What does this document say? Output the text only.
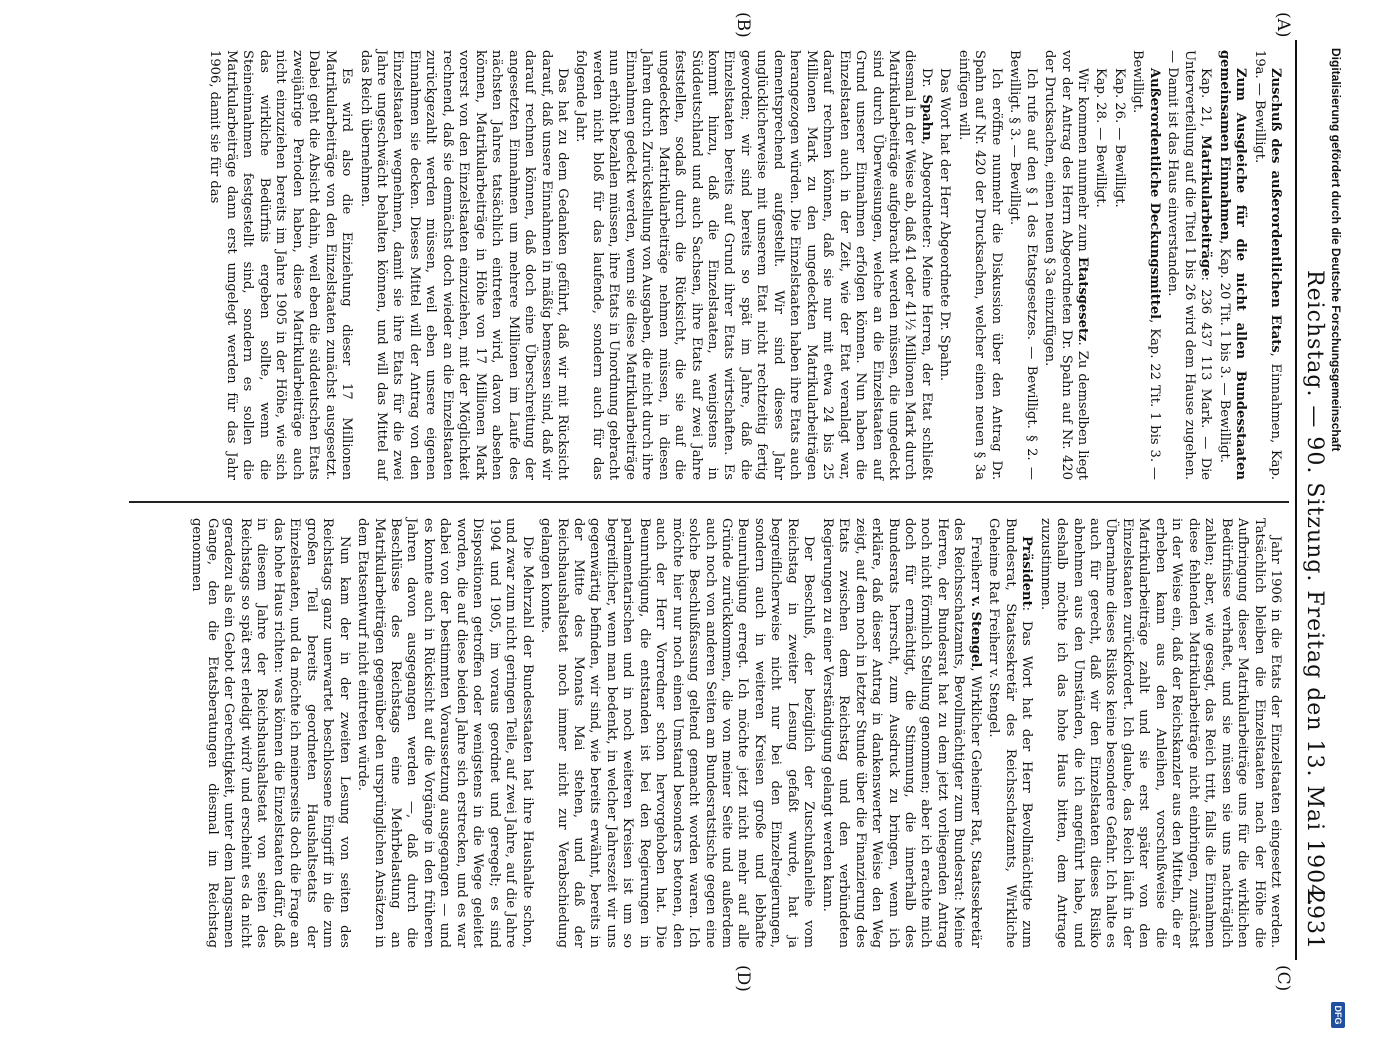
Digitalisierung gefördert durch die Deutsche Forschungsgemeinschaft
DFG
Reichstag. — 90. Sitzung. Freitag den 13. Mai 1904.
2931
(A)
(B)
(C)
(D)

Zuschuß des außerordentlichen Etats, Einnahmen, Kap. 19a. — Bewilligt.

Zum Ausgleiche für die nicht allen Bundesstaaten gemeinsamen Einnahmen, Kap. 20 Tit. 1 bis 3. — Bewilligt.

Kap. 21, Matrikularbeiträge: 236 437 113 Mark. — Die Unterverteilung auf die Titel 1 bis 26 wird dem Hause zugehen. — Damit ist das Haus einverstanden.

Außerordentliche Deckungsmittel, Kap. 22 Tit. 1 bis 3. — Bewilligt.

Kap. 26. — Bewilligt.

Kap. 28. — Bewilligt.

Wir kommen nunmehr zum Etatsgesetz. Zu demselben liegt vor der Antrag des Herrn Abgeordneten Dr. Spahn auf Nr. 420 der Drucksachen, einen neuen § 3a einzufügen.

Ich rufe auf den § 1 des Etatsgesetzes. — Bewilligt. § 2. — Bewilligt. § 3. — Bewilligt.

Ich eröffne nunmehr die Diskussion über den Antrag Dr. Spahn auf Nr. 420 der Drucksachen, welcher einen neuen § 3a einfügen will.

Das Wort hat der Herr Abgeordnete Dr. Spahn.

Dr. Spahn, Abgeordneter: Meine Herren, der Etat schließt diesmal in der Weise ab, daß 41 oder 41½ Millionen Mark durch Matrikularbeiträge aufgebracht werden müssen, die ungedeckt sind durch Überweisungen, welche an die Einzelstaaten auf Grund unserer Einnahmen erfolgen können. Nun haben die Einzelstaaten auch in der Zeit, wie der Etat veranlagt war, darauf rechnen können, daß sie nur mit etwa 24 bis 25 Millionen Mark zu den ungedeckten Matrikularbeiträgen herangezogen würden. Die Einzelstaaten haben ihre Etats auch dementsprechend aufgestellt. Wir sind dieses Jahr unglücklicherweise mit unserem Etat nicht rechtzeitig fertig geworden; wir sind bereits so spät im Jahre, daß die Einzelstaaten bereits auf Grund ihrer Etats wirtschaften. Es kommt hinzu, daß die Einzelstaaten, wenigstens in Süddeutschland und auch Sachsen, ihre Etats auf zwei Jahre feststellen, sodaß durch die Rücksicht, die sie auf die ungedeckten Matrikularbeiträge nehmen müssen, in diesen Jahren durch Zurückstellung von Ausgaben, die nicht durch ihre Einnahmen gedeckt werden, wenn sie diese Matrikularbeiträge nun erhöht bezahlen müssen, ihre Etats in Unordnung gebracht werden nicht bloß für das laufende, sondern auch für das folgende Jahr.

Das hat zu dem Gedanken geführt, daß wir mit Rücksicht darauf, daß unsere Einnahmen in mäßig bemessen sind, daß wir darauf rechnen können, daß doch eine Überschreitung der angesetzten Einnahmen um mehrere Millionen im Laufe des nächsten Jahres tatsächlich eintreten wird, davon absehen können, Matrikularbeiträge in Höhe von 17 Millionen Mark vorerst von den Einzelstaaten einzuziehen, mit der Möglichkeit rechnend, daß sie demnächst doch wieder an die Einzelstaaten zurückgezahlt werden müssen, weil eben unsere eigenen Einnahmen sie decken. Dieses Mittel will der Antrag von den Einzelstaaten wegnehmen, damit sie ihre Etats für die zwei Jahre ungeschwächt behalten können, und will das Mittel auf das Reich übernehmen.

Es wird also die Einziehung dieser 17 Millionen Matrikularbeiträge von den Einzelstaaten zunächst ausgesetzt. Dabei geht die Absicht dahin, weil eben die süddeutschen Etats zweijährige Perioden haben, diese Matrikularbeiträge auch nicht einzuziehen bereits im Jahre 1905 in der Höhe, wie sich das wirkliche Bedürfnis ergeben sollte, wenn die Steineinnahmen festgestellt sind, sondern es sollen die Matrikularbeiträge dann erst umgelegt werden für das Jahr 1906, damit sie für das

Jahr 1906 in die Etats der Einzelstaaten eingesetzt werden. Tatsächlich bleiben die Einzelstaaten nach der Höhe die Aufbringung dieser Matrikularbeiträge uns für die wirklichen Bedürfnisse verhaftet, und sie müssen sie uns nachträglich zahlen; aber, wie gesagt, das Reich tritt, falls die Einnahmen diese fehlenden Matrikularbeiträge nicht einbringen, zunächst in der Weise ein, daß der Reichskanzler aus den Mitteln, die er erheben kann aus den Anleihen, vorschußweise die Matrikularbeiträge zahlt und sie erst später von den Einzelstaaten zurückfordert. Ich glaube, das Reich läuft in der Übernahme dieses Risikos keine besondere Gefahr. Ich halte es auch für gerecht, daß wir den Einzelstaaten dieses Risiko abnehmen aus den Umständen, die ich angeführt habe, und deshalb möchte ich das hohe Haus bitten, dem Antrage zuzustimmen.

Präsident: Das Wort hat der Herr Bevollmächtigte zum Bundesrat, Staatssekretär des Reichsschatzamts, Wirkliche Geheime Rat Freiherr v. Stengel.

Freiherr v. Stengel, Wirklicher Geheimer Rat, Staatssekretär des Reichsschatzamts, Bevollmächtigter zum Bundesrat: Meine Herren, der Bundesrat hat zu dem jetzt vorliegenden Antrag noch nicht förmlich Stellung genommen; aber ich erachte mich doch für ermächtigt, die Stimmung, die innerhalb des Bundesrats herrscht, zum Ausdruck zu bringen, wenn ich erkläre, daß dieser Antrag in dankenswerter Weise den Weg zeigt, auf dem noch in letzter Stunde über die Finanzierung des Etats zwischen dem Reichstag und den verbündeten Regierungen zu einer Verständigung gelangt werden kann.

Der Beschluß, der bezüglich der Zuschußanleihe vom Reichstag in zweiter Lesung gefaßt wurde, hat ja begreiflicherweise nicht nur bei den Einzelregierungen, sondern auch in weiteren Kreisen große und lebhafte Beunruhigung erregt. Ich möchte jetzt nicht mehr auf alle Gründe zurückkommen, die von meiner Seite und außerdem auch noch von anderen Seiten am Bundesratstische gegen eine solche Beschlußfassung geltend gemacht worden waren. Ich möchte hier nur noch einen Umstand besonders betonen, den auch der Herr Vorredner schon hervorgehoben hat. Die Beunruhigung, die entstanden ist bei den Regierungen in parlamentarischen und in noch weiteren Kreisen ist um so begreiflicher, wenn man bedenkt, in welcher Jahreszeit wir uns gegenwärtig befinden, wir sind, wie bereits erwähnt, bereits in der Mitte des Monats Mai stehen, und daß der Reichshaushaltsetat noch immer nicht zur Verabschiedung gelangen konnte.

Die Mehrzahl der Bundesstaaten hat ihre Haushalte schon, und zwar zum nicht geringen Teile, auf zwei Jahre, auf die Jahre 1904 und 1905, im voraus geordnet und geregelt; es sind Dispositionen getroffen oder wenigstens in die Wege geleitet worden, die auf diese beiden Jahre sich erstrecken, und es war dabei von der bestimmten Voraussetzung ausgegangen — und es konnte auch in Rücksicht auf die Vorgänge in den früheren Jahren davon ausgegangen werden —, daß durch die Beschlüsse des Reichstags eine Mehrbelastung an Matrikularbeiträgen gegenüber den ursprünglichen Ansätzen in dem Etatsentwurf nicht eintreten würde.

Nun kam der in der zweiten Lesung von seiten des Reichstags ganz unerwartet beschlossene Eingriff in die zum großen Teil bereits geordneten Haushaltsetats der Einzelstaaten, und da möchte ich meinerseits doch die Frage an das hohe Haus richten: was können die Einzelstaaten dafür, daß in diesem Jahre der Reichshaushaltsetat von seiten des Reichstags so spät erst erledigt wird? und erscheint es da nicht geradezu als ein Gebot der Gerechtigkeit, unter dem langsamen Gange, den die Etatsberatungen diesmal im Reichstag genommen
